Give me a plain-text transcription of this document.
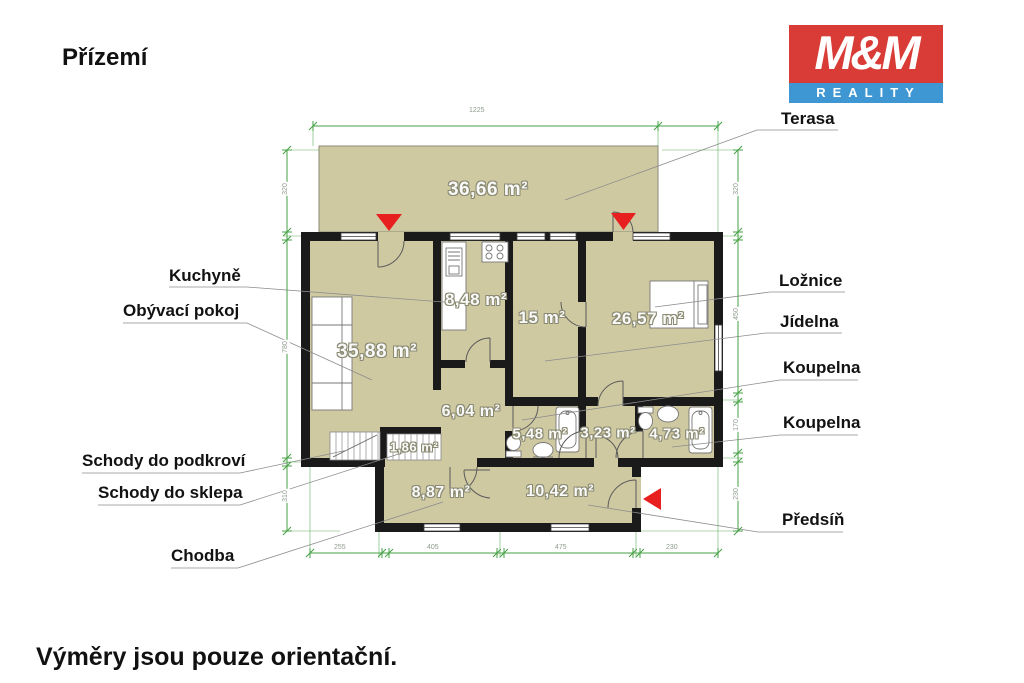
Přízemí	M&M
REALITY
36,66 m²
35,88 m²
8,48 m²
15 m²	26,57 m²
6,04 m²
5,48 m² 3,23 m² 4,73 m²
1,86 m²
8,87 m²	10,42 m²
Terasa
Kuchyně
Obývací pokoj
Ložnice
Jídelna
Koupelna
Koupelna
Předsíň
Schody do podkroví
Schody do sklepa
Chodba
1225
255	405	475	230
320
780
310
320
450
170
230
Výměry jsou pouze orientační.
